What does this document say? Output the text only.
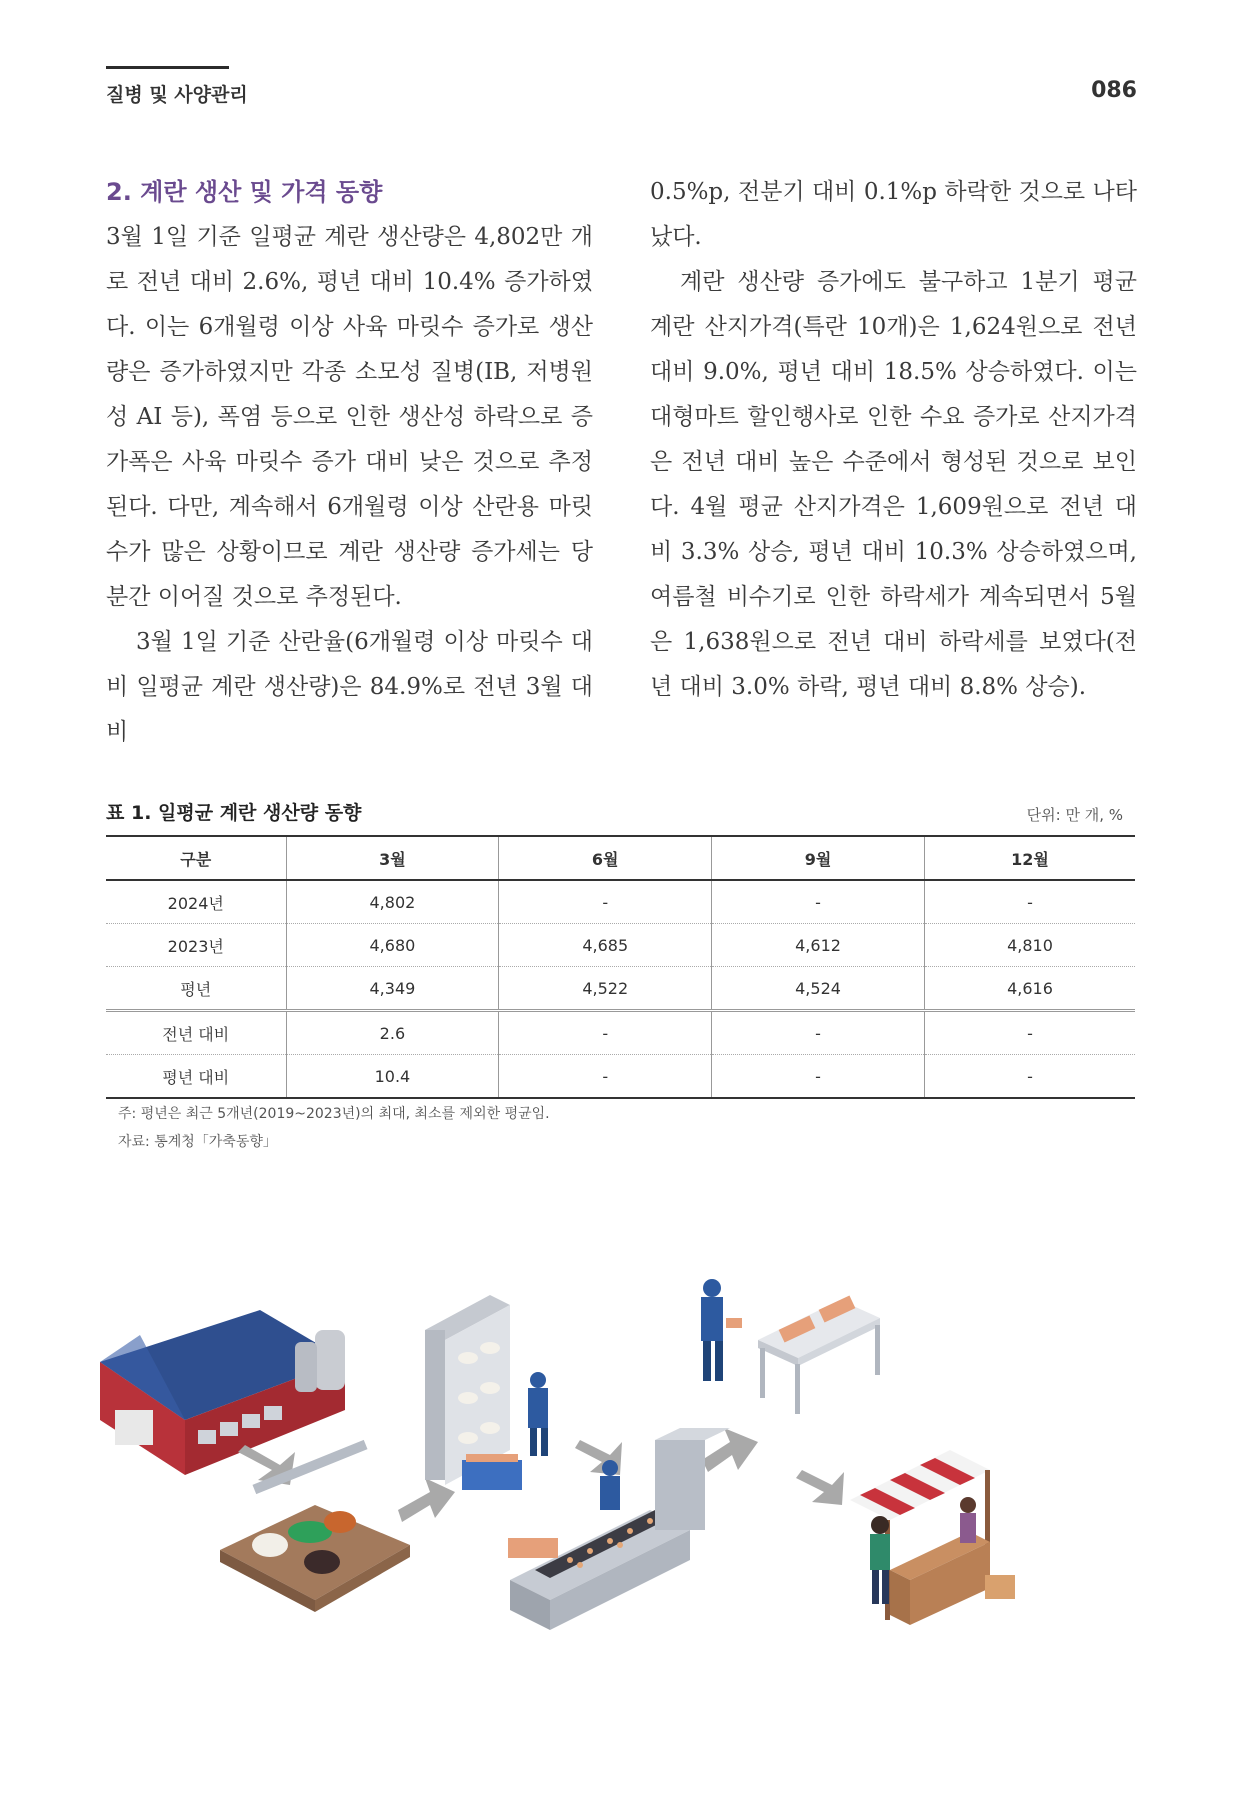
질병 및 사양관리	086
2. 계란 생산 및 가격 동향

3월 1일 기준 일평균 계란 생산량은 4,802만 개로 전년 대비 2.6%, 평년 대비 10.4% 증가하였다. 이는 6개월령 이상 사육 마릿수 증가로 생산량은 증가하였지만 각종 소모성 질병(IB, 저병원성 AI 등), 폭염 등으로 인한 생산성 하락으로 증가폭은 사육 마릿수 증가 대비 낮은 것으로 추정된다. 다만, 계속해서 6개월령 이상 산란용 마릿수가 많은 상황이므로 계란 생산량 증가세는 당분간 이어질 것으로 추정된다.

3월 1일 기준 산란율(6개월령 이상 마릿수 대비 일평균 계란 생산량)은 84.9%로 전년 3월 대비

0.5%p, 전분기 대비 0.1%p 하락한 것으로 나타났다.

계란 생산량 증가에도 불구하고 1분기 평균 계란 산지가격(특란 10개)은 1,624원으로 전년 대비 9.0%, 평년 대비 18.5% 상승하였다. 이는 대형마트 할인행사로 인한 수요 증가로 산지가격은 전년 대비 높은 수준에서 형성된 것으로 보인다. 4월 평균 산지가격은 1,609원으로 전년 대비 3.3% 상승, 평년 대비 10.3% 상승하였으며, 여름철 비수기로 인한 하락세가 계속되면서 5월은 1,638원으로 전년 대비 하락세를 보였다(전년 대비 3.0% 하락, 평년 대비 8.8% 상승).

표 1. 일평균 계란 생산량 동향	단위: 만 개, %
구분	3월	6월	9월	12월
2024년	4,802	-	-	-
2023년	4,680	4,685	4,612	4,810
평년	4,349	4,522	4,524	4,616
전년 대비	2.6	-	-	-
평년 대비	10.4	-	-	-
주: 평년은 최근 5개년(2019~2023년)의 최대, 최소를 제외한 평균임.
자료: 통계청「가축동향」
